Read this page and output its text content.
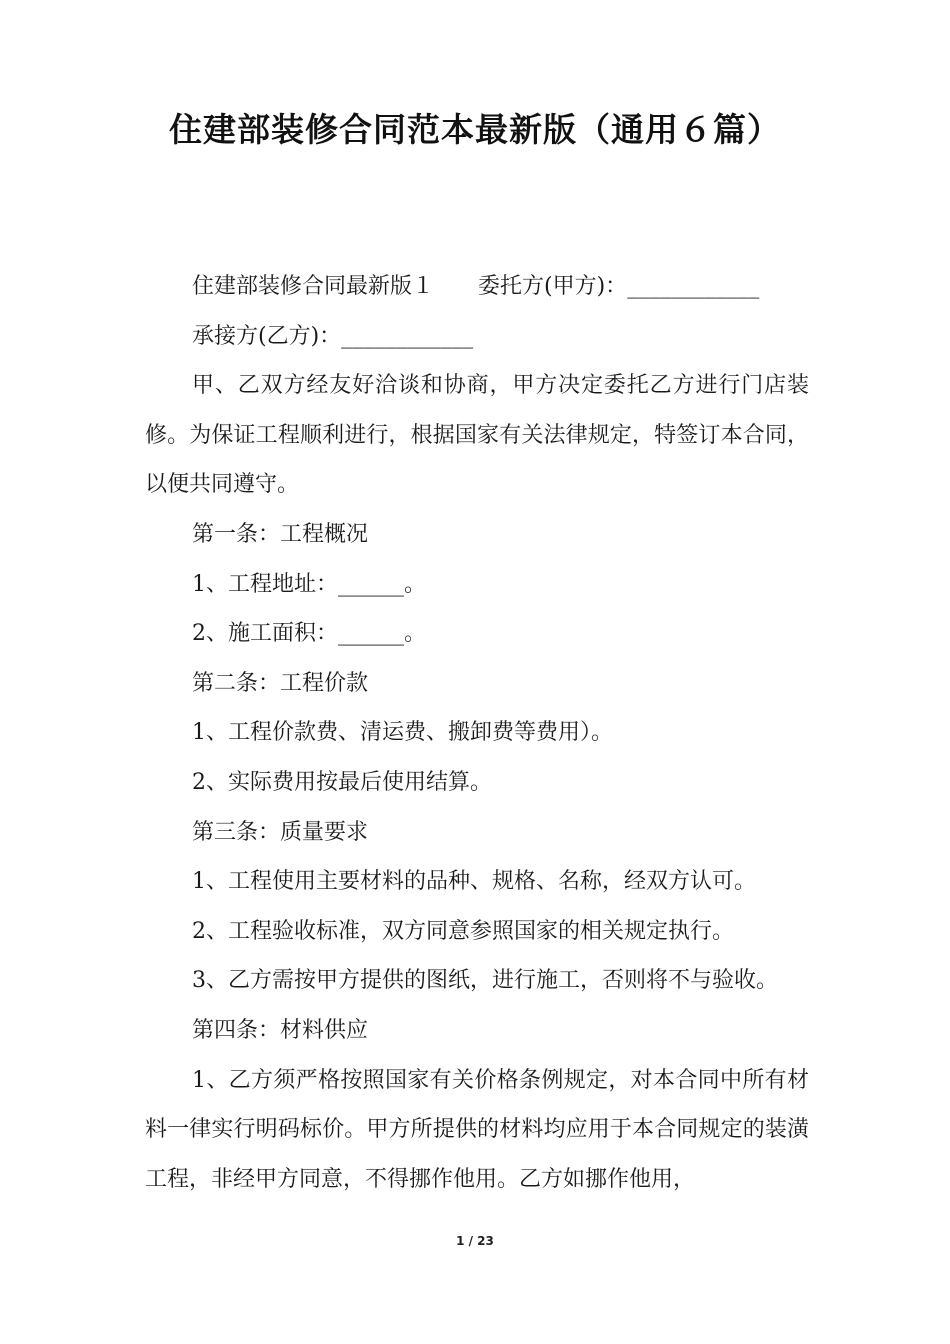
住建部装修合同范本最新版（通用６篇）

住建部装修合同最新版１ 委托方(甲方)：____________

承接方(乙方)：____________

甲、乙双方经友好洽谈和协商，甲方决定委托乙方进行门店装修。为保证工程顺利进行，根据国家有关法律规定，特签订本合同，以便共同遵守。

第一条：工程概况

1、工程地址：______。

2、施工面积：______。

第二条：工程价款

1、工程价款费、清运费、搬卸费等费用）。

2、实际费用按最后使用结算。

第三条：质量要求

1、工程使用主要材料的品种、规格、名称，经双方认可。

2、工程验收标准，双方同意参照国家的相关规定执行。

3、乙方需按甲方提供的图纸，进行施工，否则将不与验收。

第四条：材料供应

1、乙方须严格按照国家有关价格条例规定，对本合同中所有材料一律实行明码标价。甲方所提供的材料均应用于本合同规定的装潢工程，非经甲方同意，不得挪作他用。乙方如挪作他用，

1 / 23
